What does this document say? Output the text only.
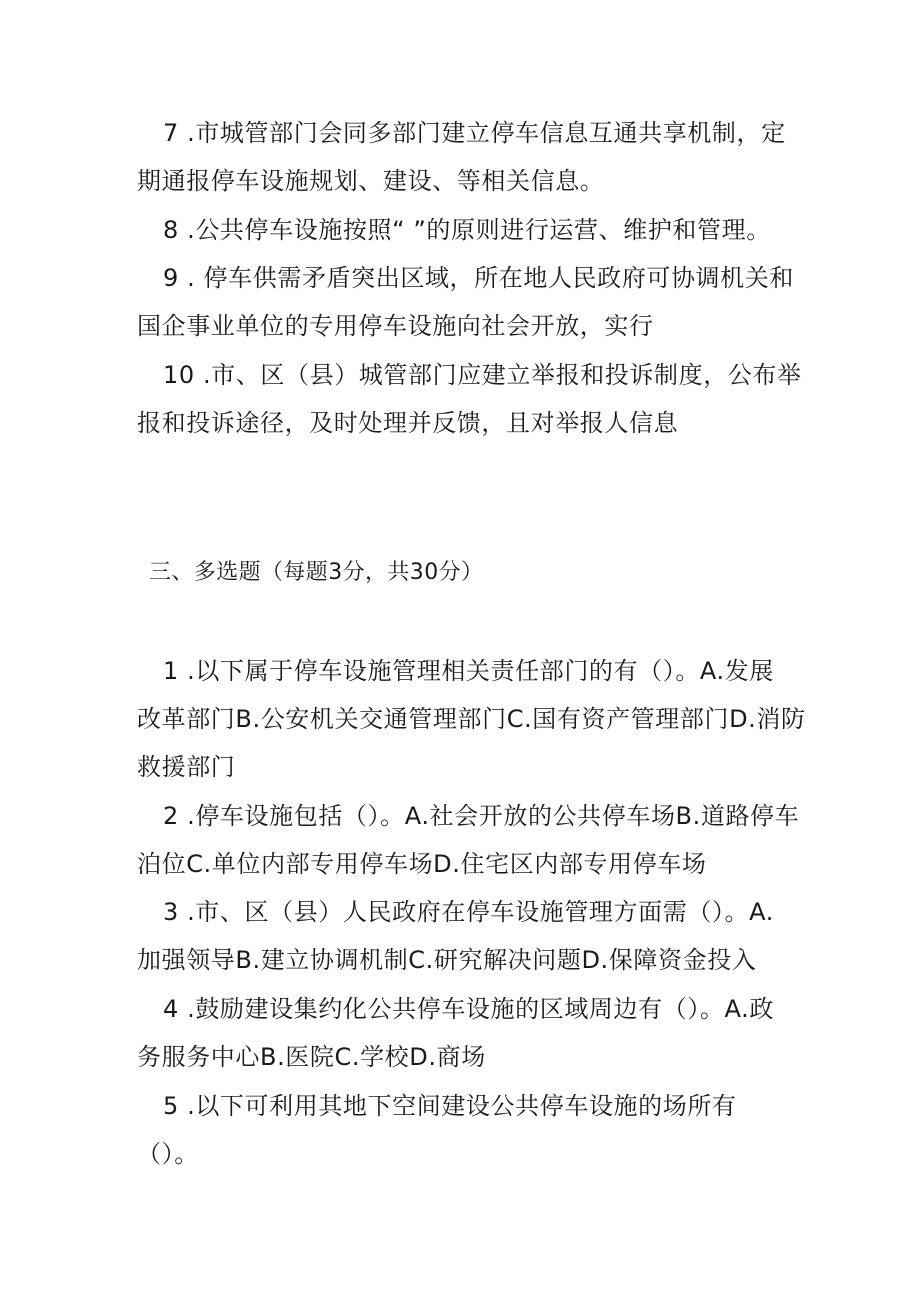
7 .市城管部门会同多部门建立停车信息互通共享机制，定
期通报停车设施规划、建设、等相关信息。
8 .公共停车设施按照“ ”的原则进行运营、维护和管理。
9 . 停车供需矛盾突出区域，所在地人民政府可协调机关和
国企事业单位的专用停车设施向社会开放，实行
10 .市、区（县）城管部门应建立举报和投诉制度，公布举
报和投诉途径，及时处理并反馈，且对举报人信息
三、多选题（每题3分，共30分）
1 .以下属于停车设施管理相关责任部门的有（）。A.发展
改革部门B.公安机关交通管理部门C.国有资产管理部门D.消防
救援部门
2 .停车设施包括（）。A.社会开放的公共停车场B.道路停车
泊位C.单位内部专用停车场D.住宅区内部专用停车场
3 .市、区（县）人民政府在停车设施管理方面需（）。A.
加强领导B.建立协调机制C.研究解决问题D.保障资金投入
4 .鼓励建设集约化公共停车设施的区域周边有（）。A.政
务服务中心B.医院C.学校D.商场
5 .以下可利用其地下空间建设公共停车设施的场所有
（）。
